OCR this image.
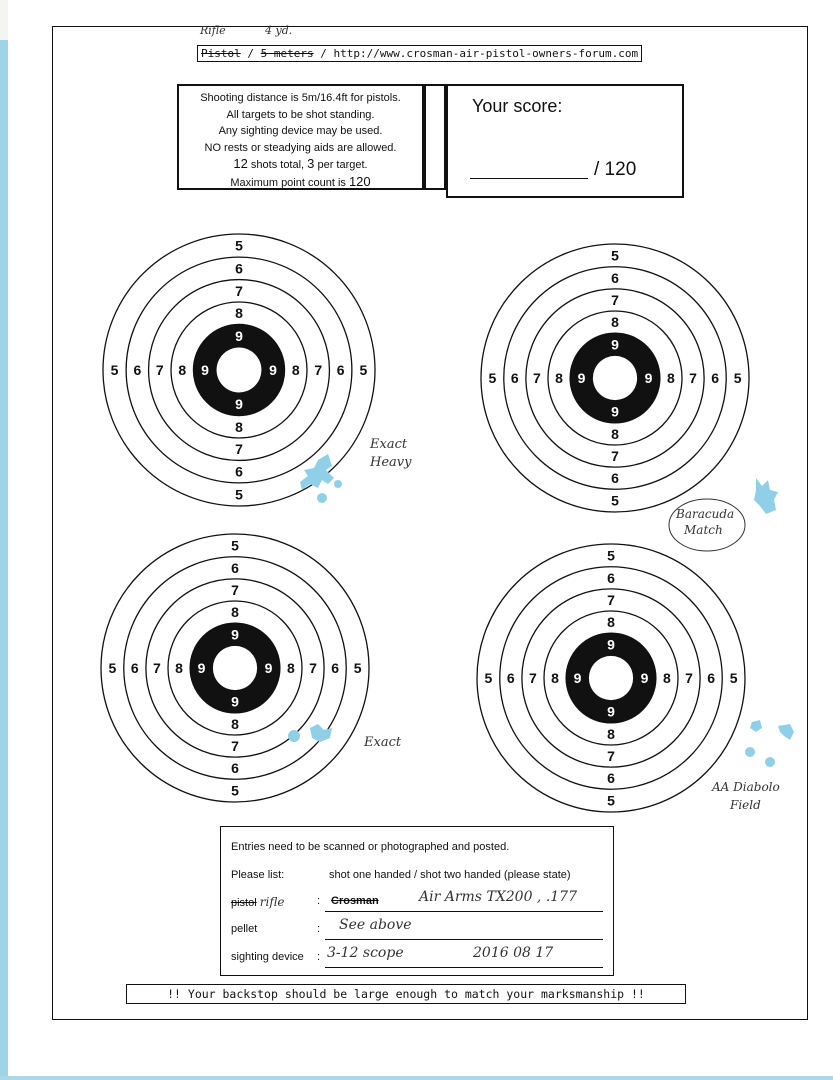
Rifle	4 yd.
Pistol / 5 meters / http://www.crosman-air-pistol-owners-forum.com
Shooting distance is 5m/16.4ft for pistols.
All targets to be shot standing.
Any sighting device may be used.
NO rests or steadying aids are allowed.
12 shots total, 3 per target.
Maximum point count is 120
Your score:
/ 120
5
6
7
8
9
9
8
7
6
5
5 6 7 8 9	9 8 7 6 5
5
6
7
8
9
9
8
7
6
5
5 6 7 8 9	9 8 7 6 5
5
6
7
8
9
9
8
7
6
5
5 6 7 8 9	9 8 7 6 5
5
6
7
8
9
9
8
7
6
5
5 6 7 8 9	9 8 7 6 5
Exact
Heavy
Baracuda
Match
Exact
AA Diabolo
Field
Entries need to be scanned or photographed and posted.
Please list:	shot one handed / shot two handed (please state)
pistol rifle	: Crosman	Air Arms TX200 , .177
pellet	: See above
sighting device : 3-12 scope	2016 08 17
!! Your backstop should be large enough to match your marksmanship !!
